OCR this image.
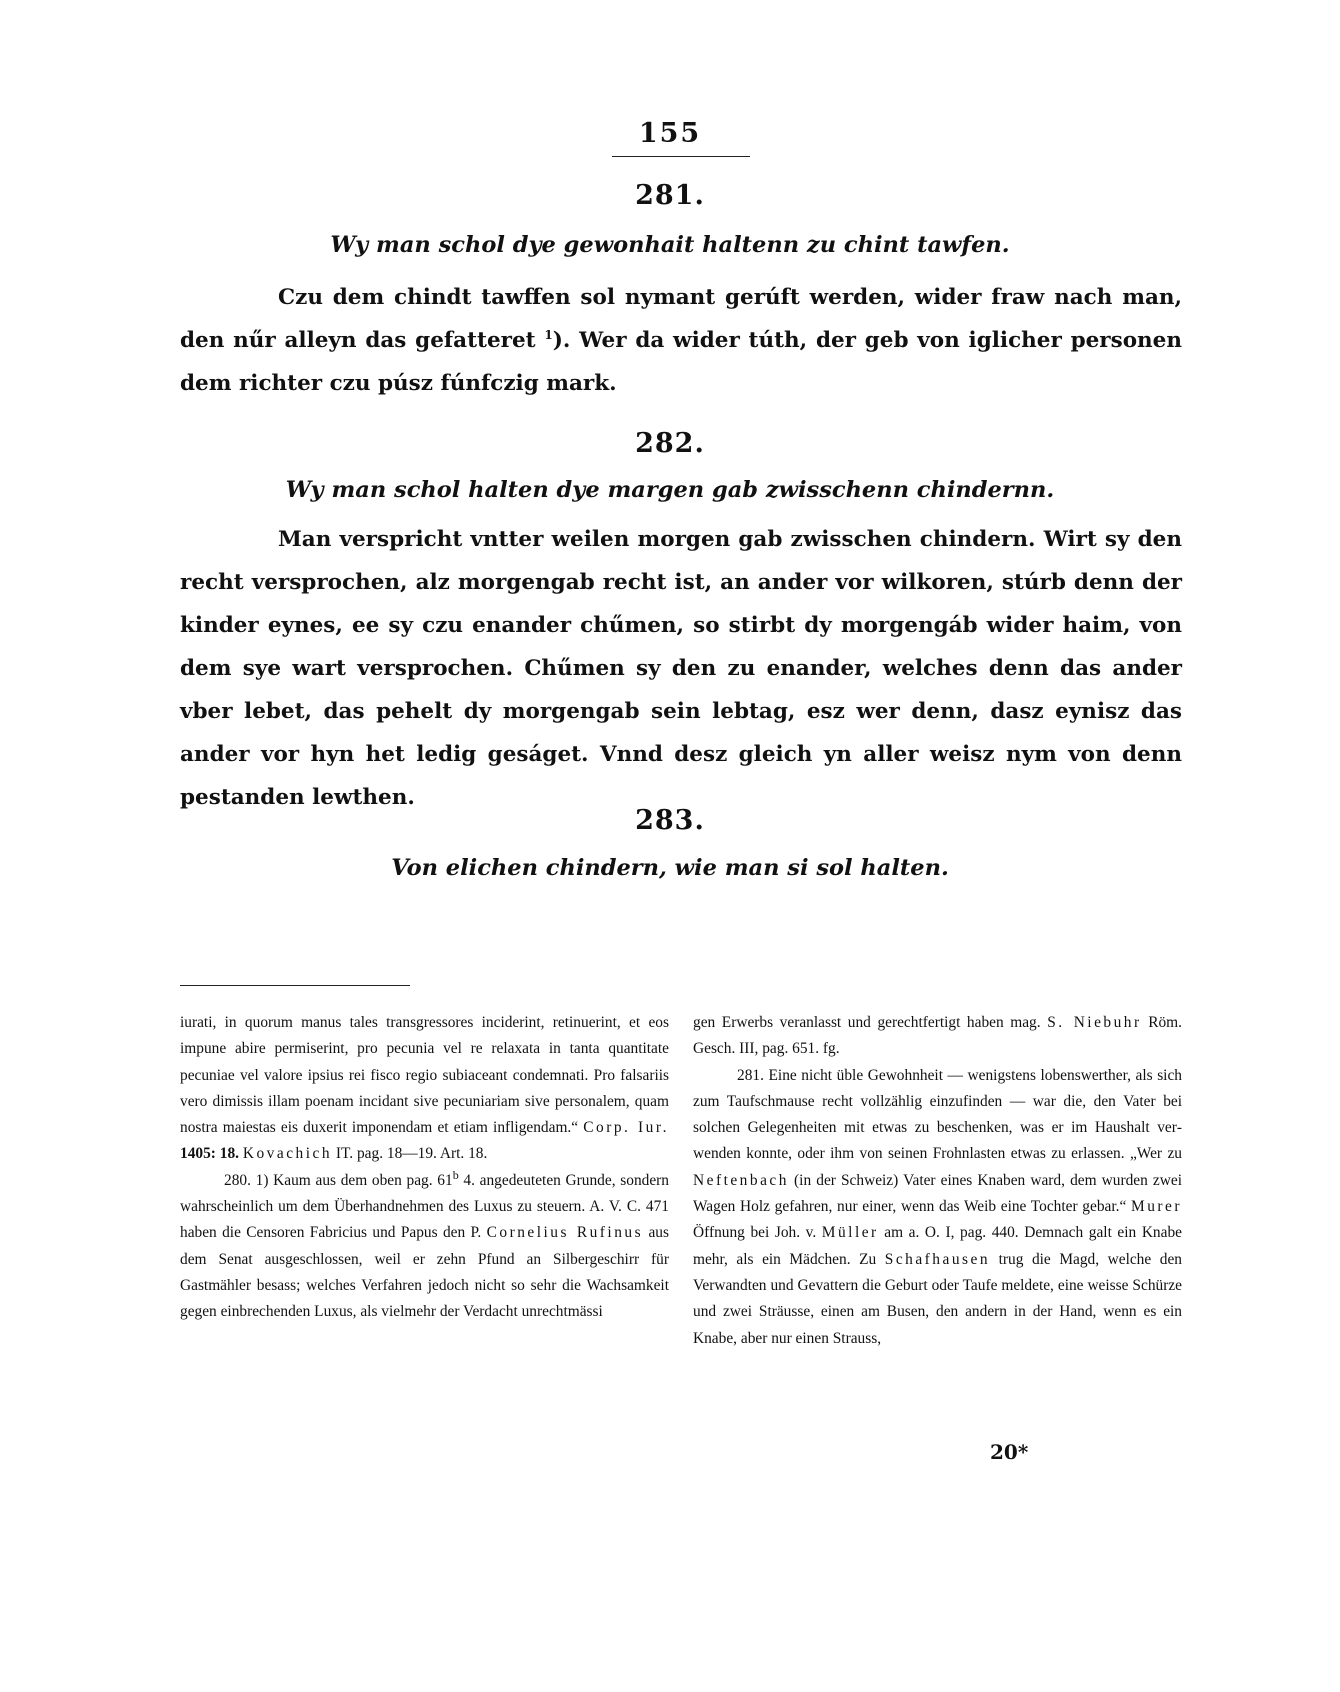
155
281.
Wy man schol dye gewonhait haltenn zu chint tawfen.

Czu dem chindt tawffen sol nymant gerúft werden, wider fraw nach man, den nűr alleyn das gefatteret $^1$). Wer da wider túth, der geb von iglicher personen dem richter czu púsz fúnfczig mark.

282.
Wy man schol halten dye margen gab zwisschenn chindernn.

Man verspricht vntter weilen morgen gab zwisschen chindern. Wirt sy den recht versprochen, alz morgengab recht ist, an ander vor wilkoren, stúrb denn der kinder eynes, ee sy czu enander chűmen, so stirbt dy morgengáb wider haim, von dem sye wart versprochen. Chűmen sy den zu enander, welches denn das ander vber lebet, das pehelt dy morgengab sein lebtag, esz wer denn, dasz eynisz das ander vor hyn het ledig geságet. Vnnd desz gleich yn aller weisz nym von denn pestanden lewthen.

283.
Von elichen chindern, wie man si sol halten.

iurati, in quorum manus tales transgressores inciderint, retinuerint, et eos impune abire permiserint, pro pecunia vel re relaxata in tanta quantitate pecuniae vel valore ipsius rei fisco regio subiaceant condemnati. Pro falsariis vero dimissis illam poenam incidant sive pecuniariam sive personalem, quam nostra maiestas eis duxerit imponendam et etiam infligendam.“ Corp. Iur. 1405: 18. Kovachich IT. pag. 18—19. Art. 18.

280. 1) Kaum aus dem oben pag. 61$^b$ 4. angedeuteten Grunde, sondern wahrscheinlich um dem Überhandnehmen des Luxus zu steuern. A. V. C. 471 haben die Censoren Fabricius und Papus den P. Cornelius Rufinus aus dem Senat ausgeschlossen, weil er zehn Pfund an Silbergeschirr für Gastmähler besass; welches Verfahren jedoch nicht so sehr die Wachsamkeit gegen einbrechenden Luxus, als vielmehr der Verdacht unrechtmässi

gen Erwerbs veranlasst und gerechtfertigt haben mag. S. Niebuhr Röm. Gesch. III, pag. 651. fg.

281. Eine nicht üble Gewohnheit — wenigstens lobenswerther, als sich zum Taufschmause recht vollzählig einzufinden — war die, den Vater bei solchen Gelegenheiten mit etwas zu beschenken, was er im Haushalt verwenden konnte, oder ihm von seinen Frohnlasten etwas zu erlassen. „Wer zu Neftenbach (in der Schweiz) Vater eines Knaben ward, dem wurden zwei Wagen Holz gefahren, nur einer, wenn das Weib eine Tochter gebar.“ Murer Öffnung bei Joh. v. Müller am a. O. I, pag. 440. Demnach galt ein Knabe mehr, als ein Mädchen. Zu Schafhausen trug die Magd, welche den Verwandten und Gevattern die Geburt oder Taufe meldete, eine weisse Schürze und zwei Sträusse, einen am Busen, den andern in der Hand, wenn es ein Knabe, aber nur einen Strauss,

20*
